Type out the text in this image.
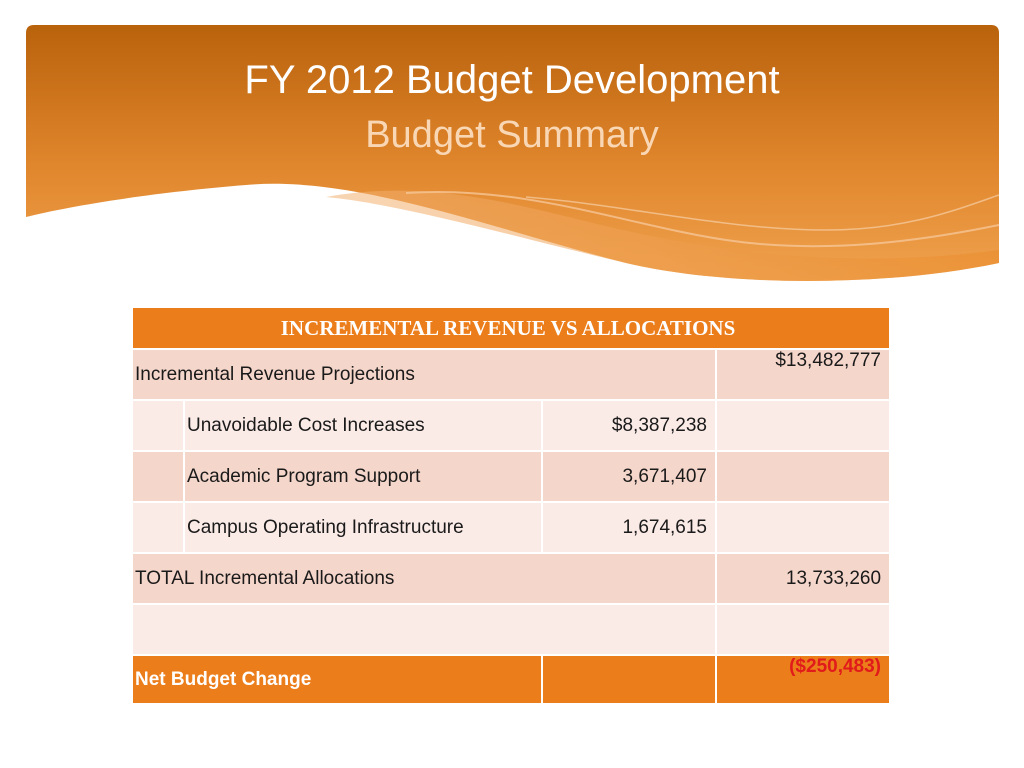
FY 2012 Budget Development
Budget Summary
INCREMENTAL REVENUE VS ALLOCATIONS			
Incremental Revenue Projections			$13,482,777
	Unavoidable Cost Increases	$8,387,238	
	Academic Program Support	3,671,407	
	Campus Operating Infrastructure	1,674,615	
TOTAL Incremental Allocations			13,733,260

Net Budget Change			($250,483)
